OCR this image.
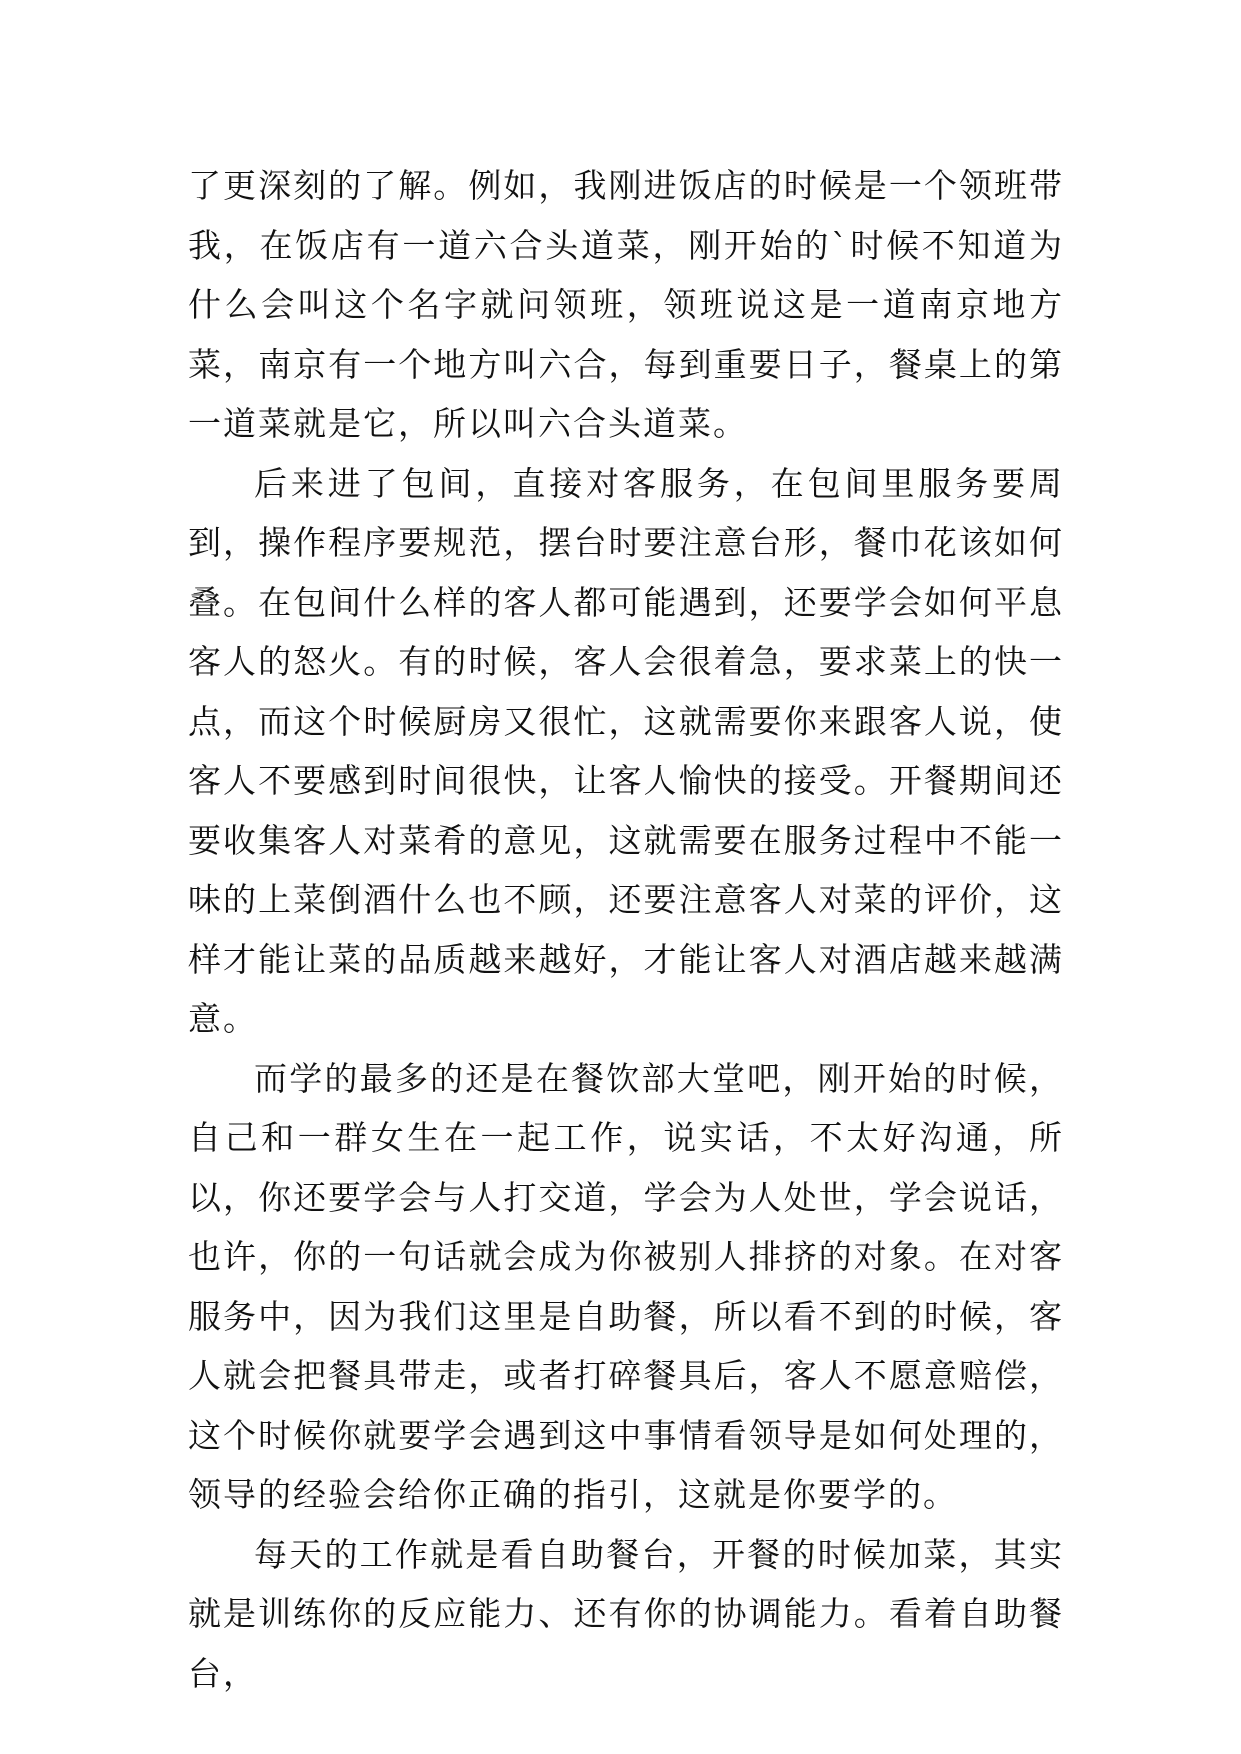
了更深刻的了解。例如，我刚进饭店的时候是一个领班带我，在饭店有一道六合头道菜，刚开始的`时候不知道为什么会叫这个名字就问领班，领班说这是一道南京地方菜，南京有一个地方叫六合，每到重要日子，餐桌上的第一道菜就是它，所以叫六合头道菜。

后来进了包间，直接对客服务，在包间里服务要周到，操作程序要规范，摆台时要注意台形，餐巾花该如何叠。在包间什么样的客人都可能遇到，还要学会如何平息客人的怒火。有的时候，客人会很着急，要求菜上的快一点，而这个时候厨房又很忙，这就需要你来跟客人说，使客人不要感到时间很快，让客人愉快的接受。开餐期间还要收集客人对菜肴的意见，这就需要在服务过程中不能一味的上菜倒酒什么也不顾，还要注意客人对菜的评价，这样才能让菜的品质越来越好，才能让客人对酒店越来越满意。

而学的最多的还是在餐饮部大堂吧，刚开始的时候，自己和一群女生在一起工作，说实话，不太好沟通，所以，你还要学会与人打交道，学会为人处世，学会说话，也许，你的一句话就会成为你被别人排挤的对象。在对客服务中，因为我们这里是自助餐，所以看不到的时候，客人就会把餐具带走，或者打碎餐具后，客人不愿意赔偿，这个时候你就要学会遇到这中事情看领导是如何处理的，领导的经验会给你正确的指引，这就是你要学的。

每天的工作就是看自助餐台，开餐的时候加菜，其实就是训练你的反应能力、还有你的协调能力。看着自助餐台，
